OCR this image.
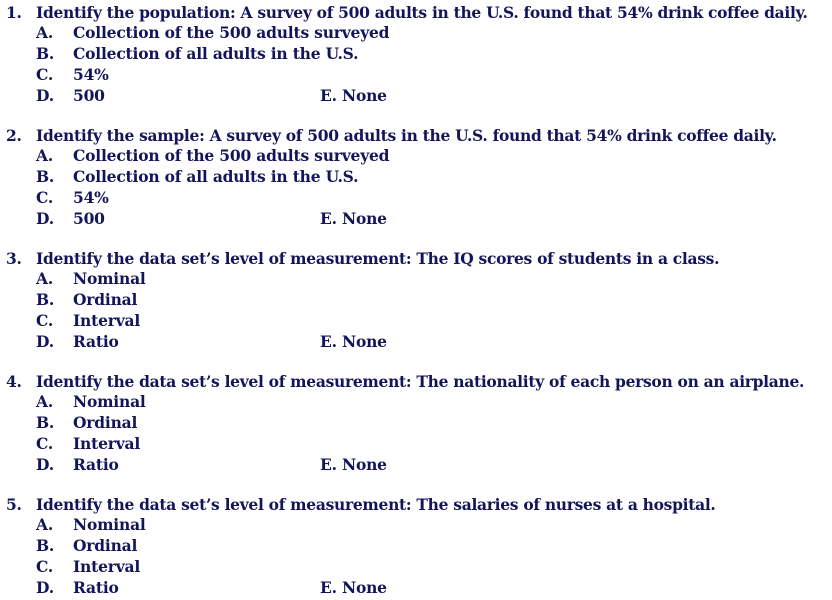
1. Identify the population: A survey of 500 adults in the U.S. found that 54% drink coffee daily.
A. Collection of the 500 adults surveyed
B. Collection of all adults in the U.S.
C. 54%
D. 500	E. None
2. Identify the sample: A survey of 500 adults in the U.S. found that 54% drink coffee daily.
A. Collection of the 500 adults surveyed
B. Collection of all adults in the U.S.
C. 54%
D. 500	E. None
3. Identify the data set’s level of measurement: The IQ scores of students in a class.
A. Nominal
B. Ordinal
C. Interval
D. Ratio	E. None
4. Identify the data set’s level of measurement: The nationality of each person on an airplane.
A. Nominal
B. Ordinal
C. Interval
D. Ratio	E. None
5. Identify the data set’s level of measurement: The salaries of nurses at a hospital.
A. Nominal
B. Ordinal
C. Interval
D. Ratio	E. None
